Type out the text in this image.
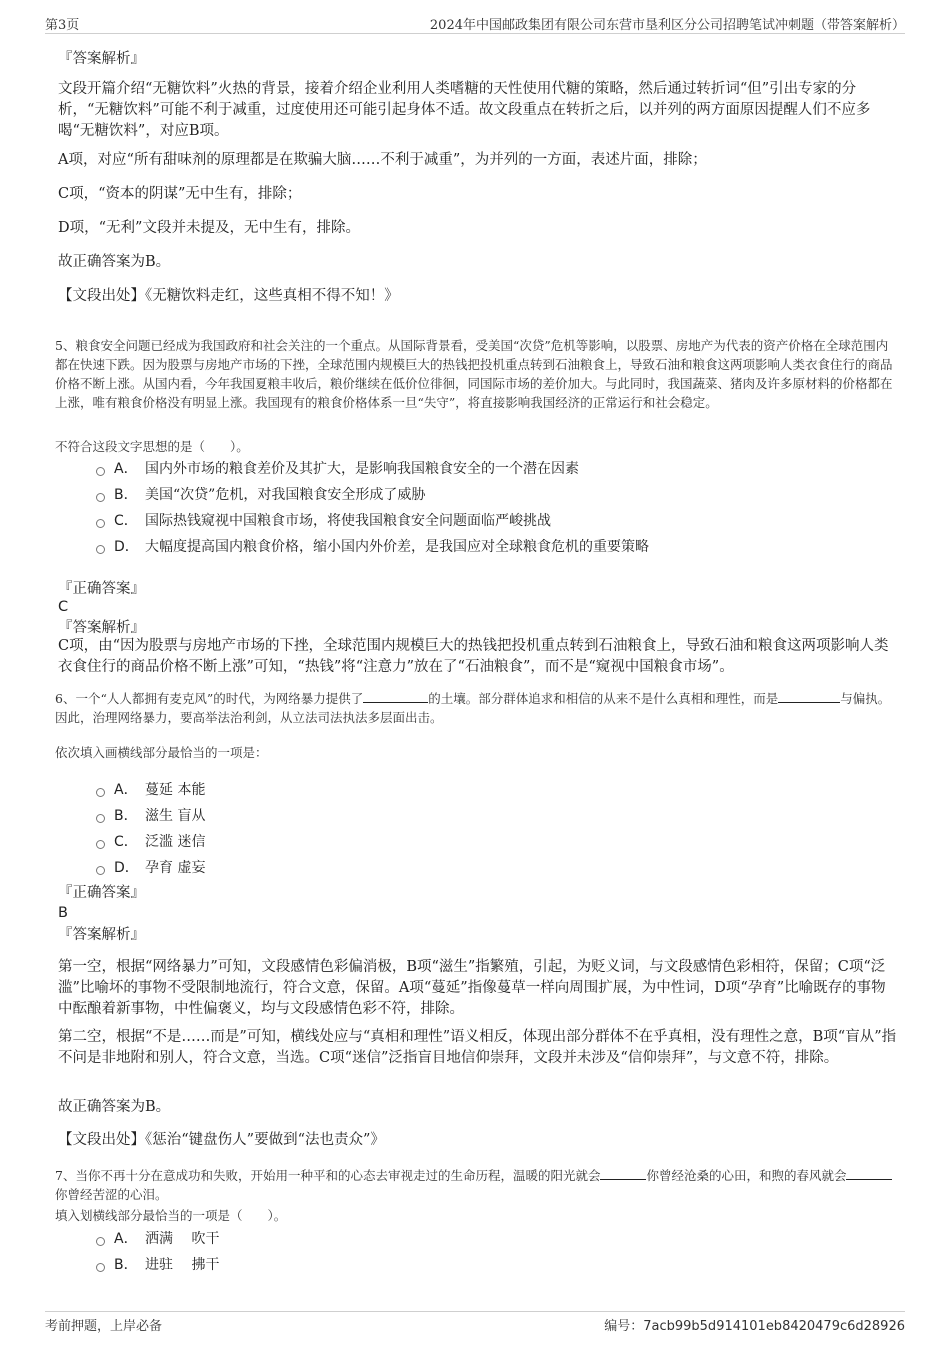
第3页	2024年中国邮政集团有限公司东营市垦利区分公司招聘笔试冲刺题（带答案解析）
『答案解析』
文段开篇介绍“无糖饮料”火热的背景，接着介绍企业利用人类嗜糖的天性使用代糖的策略，然后通过转折词“但”引出专家的分析，“无糖饮料”可能不利于减重，过度使用还可能引起身体不适。故文段重点在转折之后，以并列的两方面原因提醒人们不应多喝“无糖饮料”，对应B项。
A项，对应“所有甜味剂的原理都是在欺骗大脑……不利于减重”，为并列的一方面，表述片面，排除；
C项，“资本的阴谋”无中生有，排除；
D项，“无利”文段并未提及，无中生有，排除。
故正确答案为B。
【文段出处】《无糖饮料走红，这些真相不得不知！》
5、粮食安全问题已经成为我国政府和社会关注的一个重点。从国际背景看，受美国“次贷”危机等影响，以股票、房地产为代表的资产价格在全球范围内都在快速下跌。因为股票与房地产市场的下挫，全球范围内规模巨大的热钱把投机重点转到石油粮食上，导致石油和粮食这两项影响人类衣食住行的商品价格不断上涨。从国内看，今年我国夏粮丰收后，粮价继续在低价位徘徊，同国际市场的差价加大。与此同时，我国蔬菜、猪肉及许多原材料的价格都在上涨，唯有粮食价格没有明显上涨。我国现有的粮食价格体系一旦“失守”，将直接影响我国经济的正常运行和社会稳定。
不符合这段文字思想的是（　　）。
A． 国内外市场的粮食差价及其扩大，是影响我国粮食安全的一个潜在因素
B． 美国“次贷”危机，对我国粮食安全形成了威胁
C． 国际热钱窥视中国粮食市场，将使我国粮食安全问题面临严峻挑战
D． 大幅度提高国内粮食价格，缩小国内外价差，是我国应对全球粮食危机的重要策略
『正确答案』
C
『答案解析』
C项，由“因为股票与房地产市场的下挫，全球范围内规模巨大的热钱把投机重点转到石油粮食上，导致石油和粮食这两项影响人类衣食住行的商品价格不断上涨”可知，“热钱”将“注意力”放在了“石油粮食”，而不是“窥视中国粮食市场”。
6、一个“人人都拥有麦克风”的时代，为网络暴力提供了	的土壤。部分群体追求和相信的从来不是什么真相和理性，而是	与偏执。因此，治理网络暴力，要高举法治利剑，从立法司法执法多层面出击。
依次填入画横线部分最恰当的一项是：
A． 蔓延 本能
B． 滋生 盲从
C． 泛滥 迷信
D． 孕育 虚妄
『正确答案』
B
『答案解析』
第一空，根据“网络暴力”可知，文段感情色彩偏消极，B项“滋生”指繁殖，引起，为贬义词，与文段感情色彩相符，保留；C项“泛滥”比喻坏的事物不受限制地流行，符合文意，保留。A项“蔓延”指像蔓草一样向周围扩展，为中性词，D项“孕育”比喻既存的事物中酝酿着新事物，中性偏褒义，均与文段感情色彩不符，排除。
第二空，根据“不是……而是”可知，横线处应与“真相和理性”语义相反，体现出部分群体不在乎真相，没有理性之意，B项“盲从”指不问是非地附和别人，符合文意，当选。C项“迷信”泛指盲目地信仰崇拜，文段并未涉及“信仰崇拜”，与文意不符，排除。
故正确答案为B。
【文段出处】《惩治“键盘伤人”要做到“法也责众”》
7、当你不再十分在意成功和失败，开始用一种平和的心态去审视走过的生命历程，温暖的阳光就会	你曾经沧桑的心田，和煦的春风就会你曾经苦涩的心泪。
填入划横线部分最恰当的一项是（　　）。
A． 洒满　 吹干
B． 进驻　 拂干
考前押题，上岸必备	编号：7acb99b5d914101eb8420479c6d28926
